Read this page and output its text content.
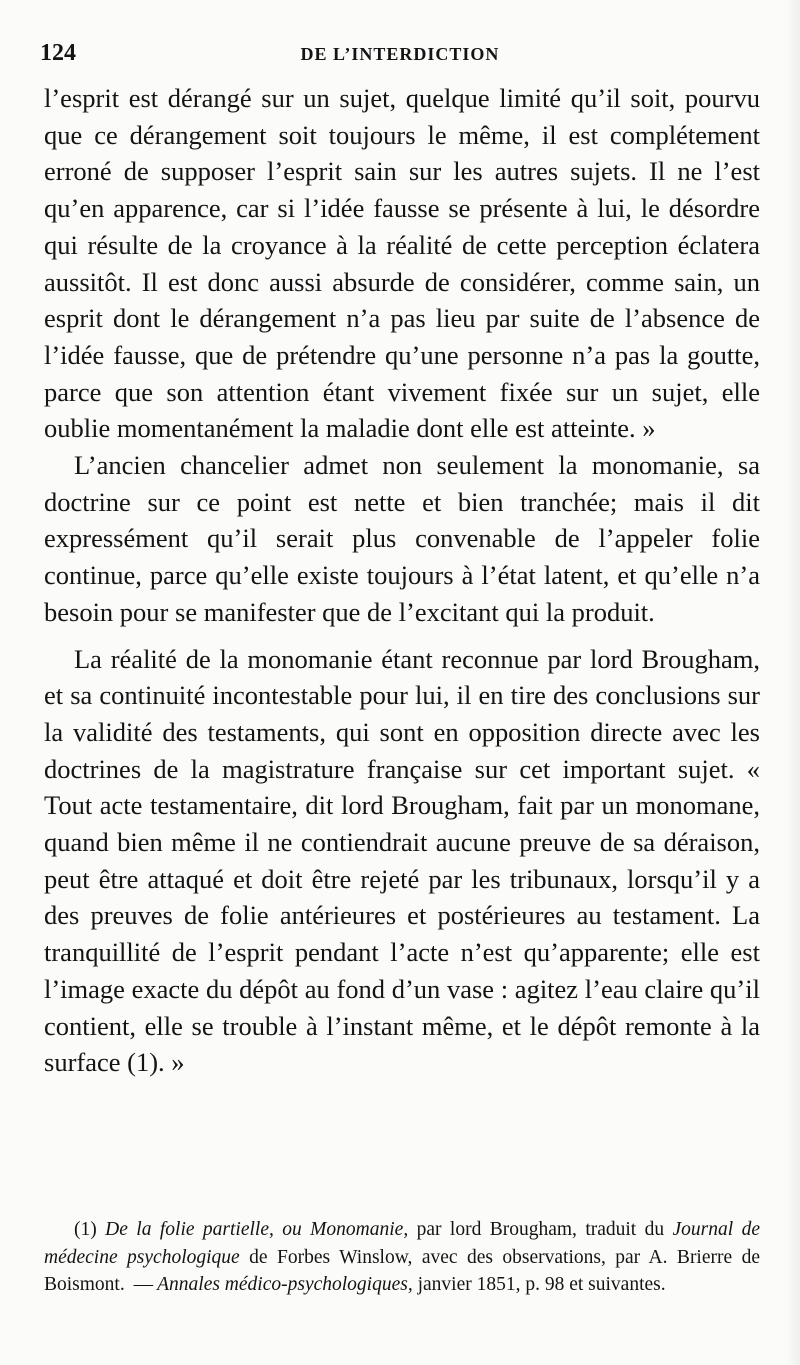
124	DE L’INTERDICTION

l’esprit est dérangé sur un sujet, quelque limité qu’il soit, pourvu que ce dérangement soit toujours le même, il est complétement erroné de supposer l’esprit sain sur les autres sujets. Il ne l’est qu’en apparence, car si l’idée fausse se présente à lui, le désordre qui résulte de la croyance à la réalité de cette perception éclatera aussitôt. Il est donc aussi absurde de considérer, comme sain, un esprit dont le dérangement n’a pas lieu par suite de l’absence de l’idée fausse, que de prétendre qu’une personne n’a pas la goutte, parce que son attention étant vivement fixée sur un sujet, elle oublie momentanément la maladie dont elle est atteinte. »

L’ancien chancelier admet non seulement la monomanie, sa doctrine sur ce point est nette et bien tranchée; mais il dit expressément qu’il serait plus convenable de l’appeler folie continue, parce qu’elle existe toujours à l’état latent, et qu’elle n’a besoin pour se manifester que de l’excitant qui la produit.

La réalité de la monomanie étant reconnue par lord Brougham, et sa continuité incontestable pour lui, il en tire des conclusions sur la validité des testaments, qui sont en opposition directe avec les doctrines de la magistrature française sur cet important sujet. « Tout acte testamentaire, dit lord Brougham, fait par un monomane, quand bien même il ne contiendrait aucune preuve de sa déraison, peut être attaqué et doit être rejeté par les tribunaux, lorsqu’il y a des preuves de folie antérieures et postérieures au testament. La tranquillité de l’esprit pendant l’acte n’est qu’apparente; elle est l’image exacte du dépôt au fond d’un vase : agitez l’eau claire qu’il contient, elle se trouble à l’instant même, et le dépôt remonte à la surface (1). »

(1) De la folie partielle, ou Monomanie, par lord Brougham, traduit du Journal de médecine psychologique de Forbes Winslow, avec des observations, par A. Brierre de Boismont. — Annales médico-psychologiques, janvier 1851, p. 98 et suivantes.
